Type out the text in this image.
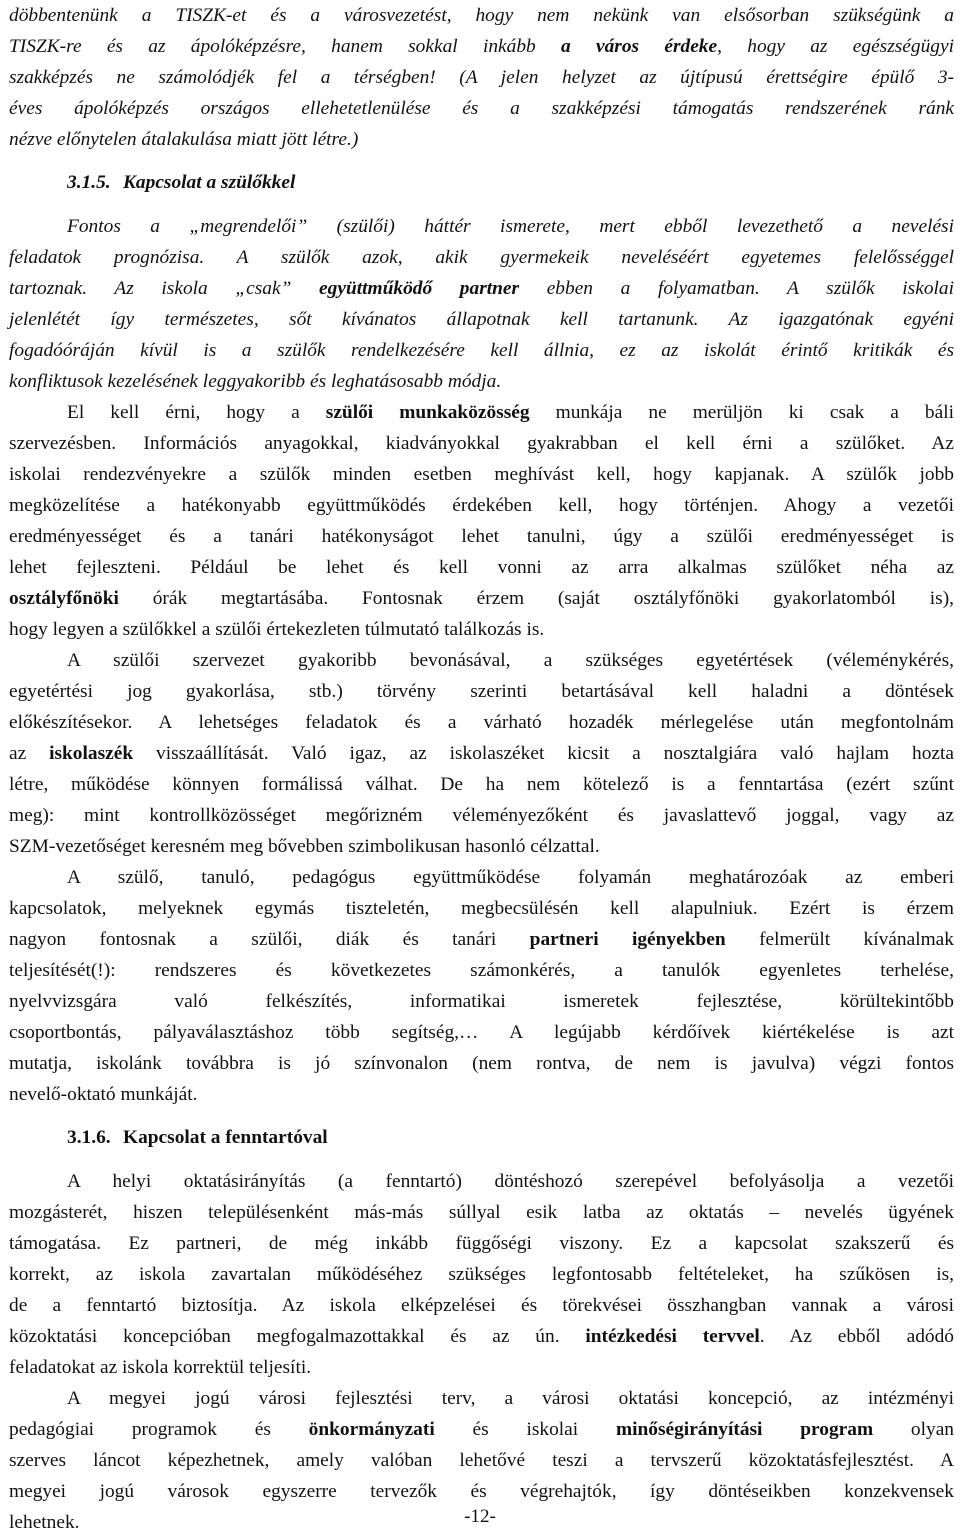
döbbentenünk a TISZK-et és a városvezetést, hogy nem nekünk van elsősorban szükségünk a
TISZK-re és az ápolóképzésre, hanem sokkal inkább a város érdeke, hogy az egészségügyi
szakképzés ne számolódjék fel a térségben! (A jelen helyzet az újtípusú érettségire épülő 3-
éves ápolóképzés országos ellehetetlenülése és a szakképzési támogatás rendszerének ránk
nézve előnytelen átalakulása miatt jött létre.)
3.1.5. Kapcsolat a szülőkkel
Fontos a „megrendelői” (szülői) háttér ismerete, mert ebből levezethető a nevelési
feladatok prognózisa. A szülők azok, akik gyermekeik neveléséért egyetemes felelősséggel
tartoznak. Az iskola „csak” együttműködő partner ebben a folyamatban. A szülők iskolai
jelenlétét így természetes, sőt kívánatos állapotnak kell tartanunk. Az igazgatónak egyéni
fogadóóráján kívül is a szülők rendelkezésére kell állnia, ez az iskolát érintő kritikák és
konfliktusok kezelésének leggyakoribb és leghatásosabb módja.
El kell érni, hogy a szülői munkaközösség munkája ne merüljön ki csak a báli
szervezésben. Információs anyagokkal, kiadványokkal gyakrabban el kell érni a szülőket. Az
iskolai rendezvényekre a szülők minden esetben meghívást kell, hogy kapjanak. A szülők jobb
megközelítése a hatékonyabb együttműködés érdekében kell, hogy történjen. Ahogy a vezetői
eredményességet és a tanári hatékonyságot lehet tanulni, úgy a szülői eredményességet is
lehet fejleszteni. Például be lehet és kell vonni az arra alkalmas szülőket néha az
osztályfőnöki órák megtartásába. Fontosnak érzem (saját osztályfőnöki gyakorlatomból is),
hogy legyen a szülőkkel a szülői értekezleten túlmutató találkozás is.
A szülői szervezet gyakoribb bevonásával, a szükséges egyetértések (véleménykérés,
egyetértési jog gyakorlása, stb.) törvény szerinti betartásával kell haladni a döntések
előkészítésekor. A lehetséges feladatok és a várható hozadék mérlegelése után megfontolnám
az iskolaszék visszaállítását. Való igaz, az iskolaszéket kicsit a nosztalgiára való hajlam hozta
létre, működése könnyen formálissá válhat. De ha nem kötelező is a fenntartása (ezért szűnt
meg): mint kontrollközösséget megőrizném véleményezőként és javaslattevő joggal, vagy az
SZM-vezetőséget keresném meg bővebben szimbolikusan hasonló célzattal.
A szülő, tanuló, pedagógus együttműködése folyamán meghatározóak az emberi
kapcsolatok, melyeknek egymás tiszteletén, megbecsülésén kell alapulniuk. Ezért is érzem
nagyon fontosnak a szülői, diák és tanári partneri igényekben felmerült kívánalmak
teljesítését(!): rendszeres és következetes számonkérés, a tanulók egyenletes terhelése,
nyelvvizsgára való felkészítés, informatikai ismeretek fejlesztése, körültekintőbb
csoportbontás, pályaválasztáshoz több segítség,… A legújabb kérdőívek kiértékelése is azt
mutatja, iskolánk továbbra is jó színvonalon (nem rontva, de nem is javulva) végzi fontos
nevelő-oktató munkáját.
3.1.6. Kapcsolat a fenntartóval
A helyi oktatásirányítás (a fenntartó) döntéshozó szerepével befolyásolja a vezetői
mozgásterét, hiszen településenként más-más súllyal esik latba az oktatás – nevelés ügyének
támogatása. Ez partneri, de még inkább függőségi viszony. Ez a kapcsolat szakszerű és
korrekt, az iskola zavartalan működéséhez szükséges legfontosabb feltételeket, ha szűkösen is,
de a fenntartó biztosítja. Az iskola elképzelései és törekvései összhangban vannak a városi
közoktatási koncepcióban megfogalmazottakkal és az ún. intézkedési tervvel. Az ebből adódó
feladatokat az iskola korrektül teljesíti.
A megyei jogú városi fejlesztési terv, a városi oktatási koncepció, az intézményi
pedagógiai programok és önkormányzati és iskolai minőségirányítási program olyan
szerves láncot képezhetnek, amely valóban lehetővé teszi a tervszerű közoktatásfejlesztést. A
megyei jogú városok egyszerre tervezők és végrehajtók, így döntéseikben konzekvensek
lehetnek.	-12-
